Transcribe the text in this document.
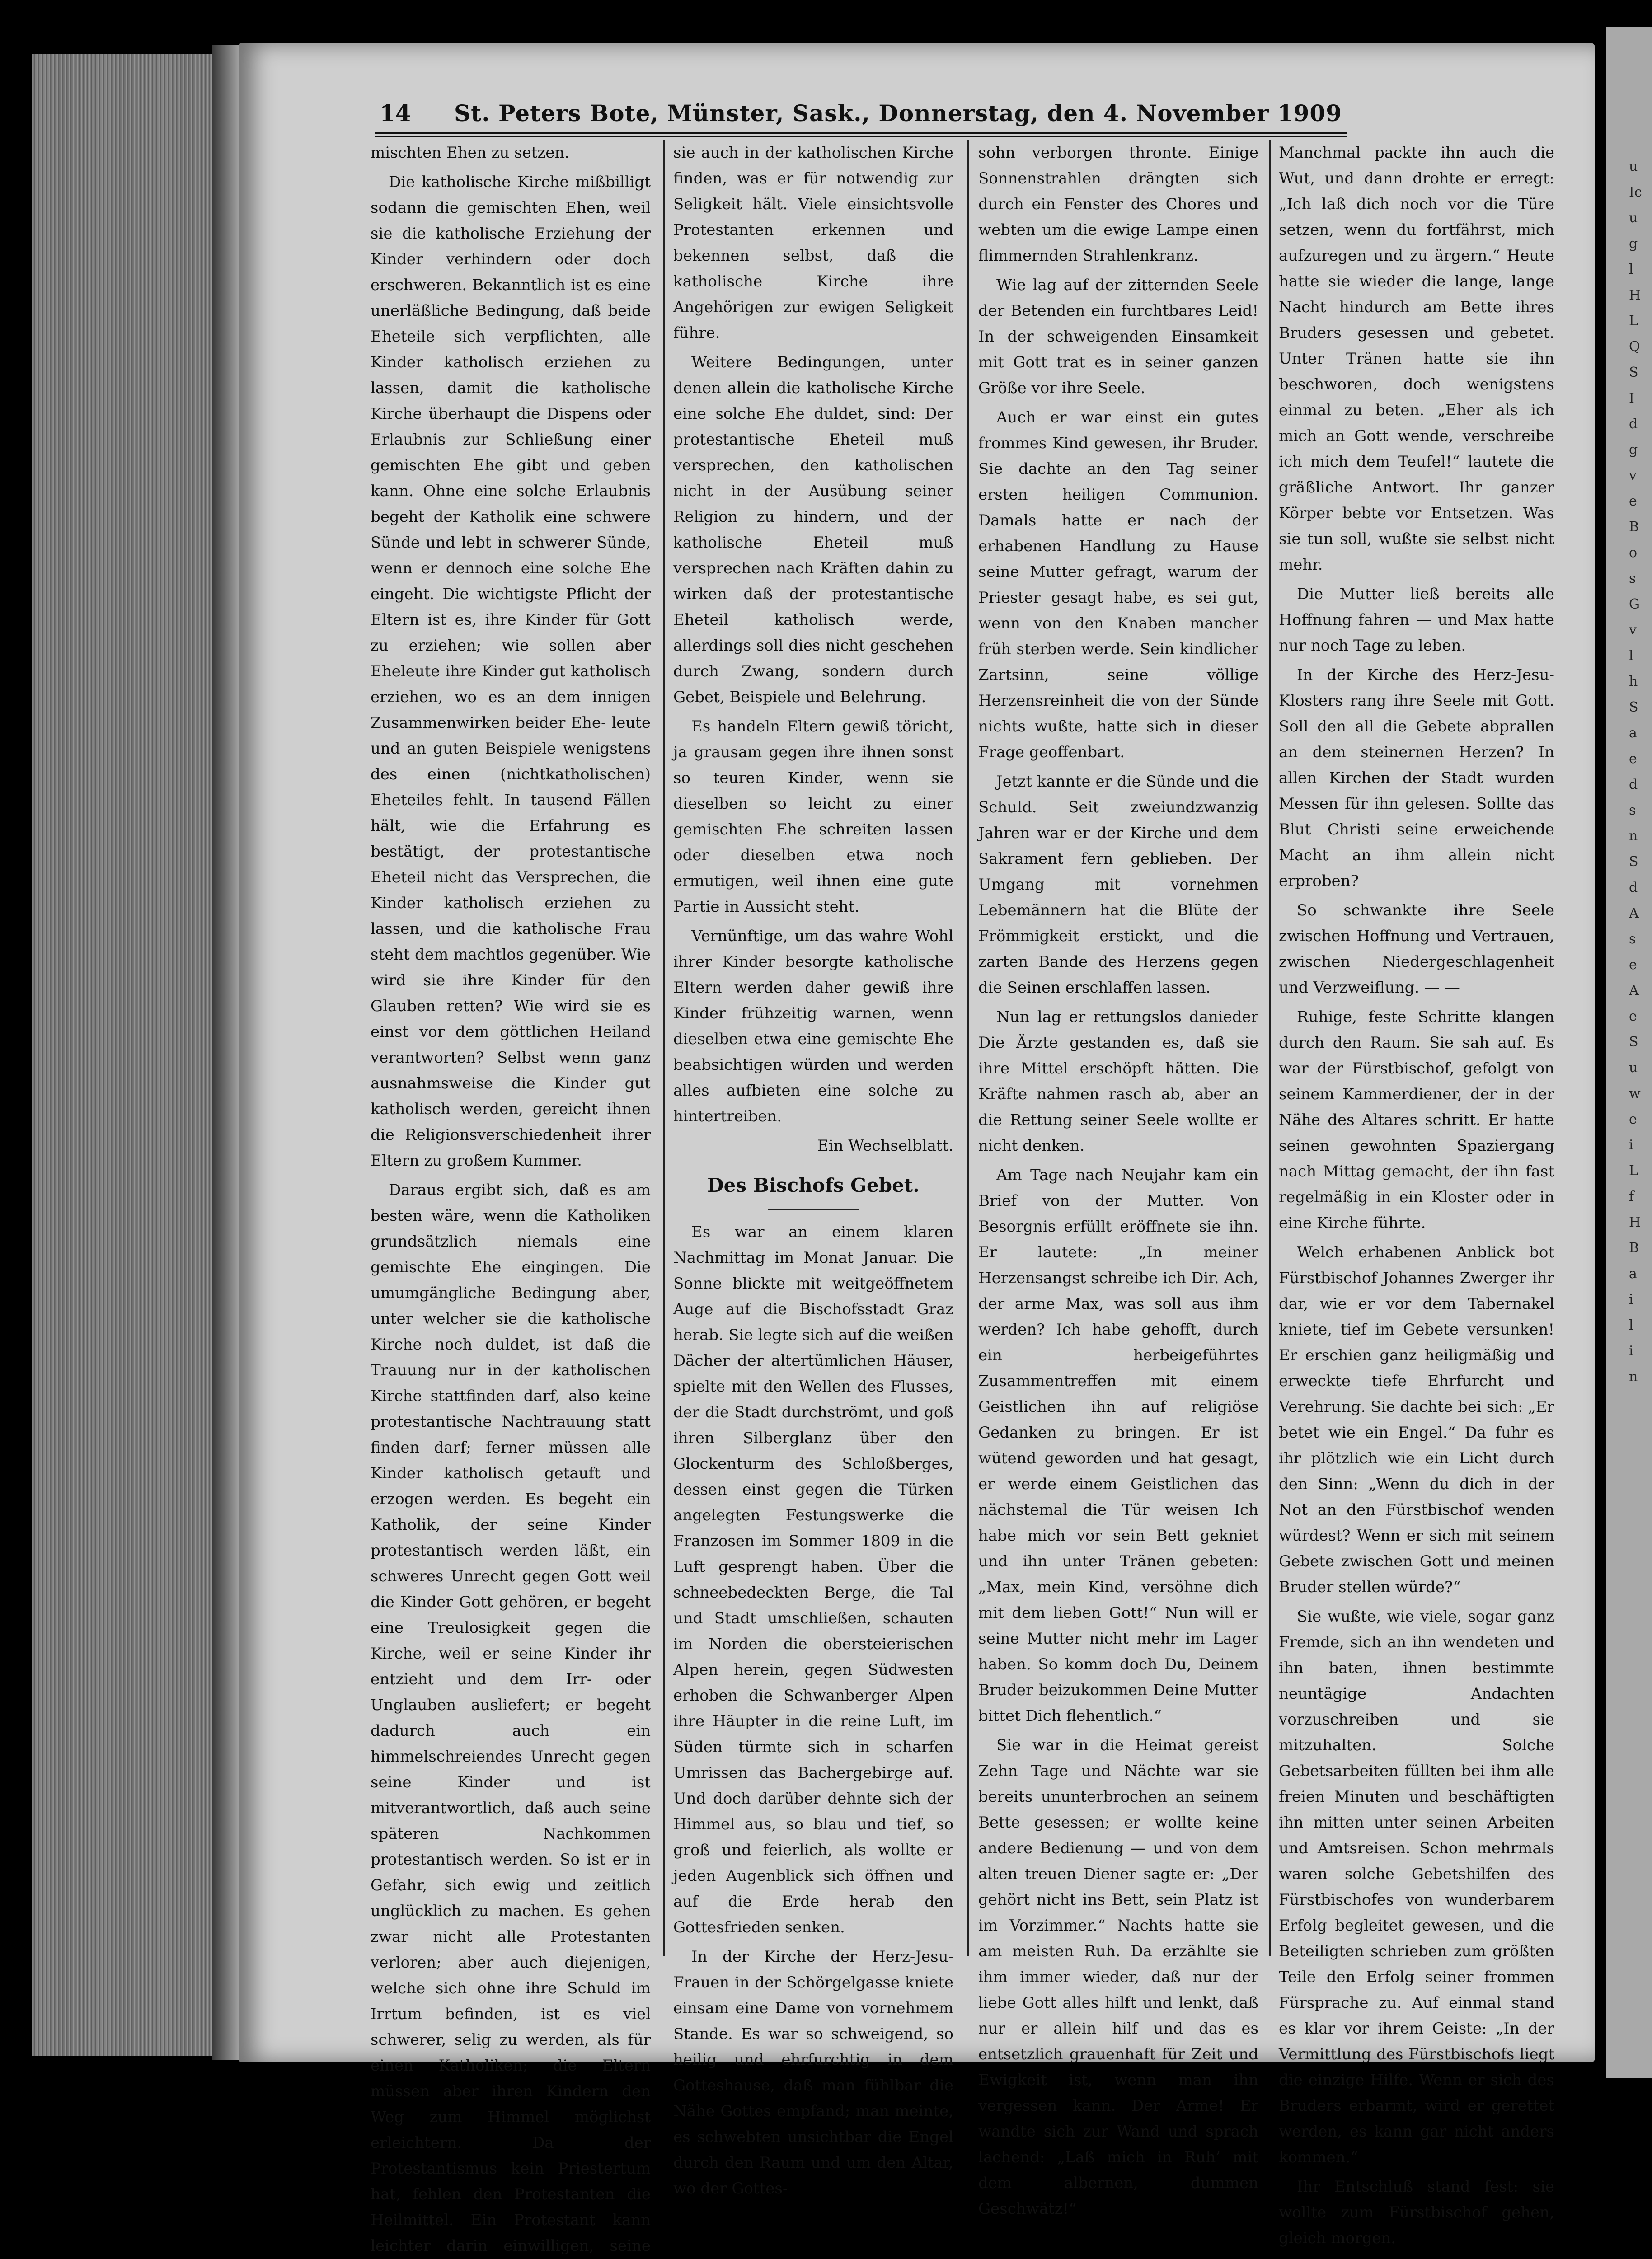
14	St. Peters Bote, Münster, Sask., Donnerstag, den 4. November 1909

mischten Ehen zu setzen.

Die katholische Kirche mißbilligt sodann die gemischten Ehen, weil sie die katholische Erziehung der Kinder verhindern oder doch erschweren. Bekanntlich ist es eine unerläßliche Bedingung, daß beide Eheteile sich verpflichten, alle Kinder katholisch erziehen zu lassen, damit die katholische Kirche überhaupt die Dispens oder Erlaubnis zur Schließung einer gemischten Ehe gibt und geben kann. Ohne eine solche Erlaubnis begeht der Katholik eine schwere Sünde und lebt in schwerer Sünde, wenn er dennoch eine solche Ehe eingeht. Die wichtigste Pflicht der Eltern ist es, ihre Kinder für Gott zu erziehen; wie sollen aber Eheleute ihre Kinder gut katholisch erziehen, wo es an dem innigen Zusammenwirken beider Ehe- leute und an guten Beispiele wenigstens des einen (nichtkatholischen) Eheteiles fehlt. In tausend Fällen hält, wie die Erfahrung es bestätigt, der protestantische Eheteil nicht das Versprechen, die Kinder katholisch erziehen zu lassen, und die katholische Frau steht dem machtlos gegenüber. Wie wird sie ihre Kinder für den Glauben retten? Wie wird sie es einst vor dem göttlichen Heiland verantworten? Selbst wenn ganz ausnahmsweise die Kinder gut katholisch werden, gereicht ihnen die Religionsverschiedenheit ihrer Eltern zu großem Kummer.

Daraus ergibt sich, daß es am besten wäre, wenn die Katholiken grundsätzlich niemals eine gemischte Ehe eingingen. Die umumgängliche Bedingung aber, unter welcher sie die katholische Kirche noch duldet, ist daß die Trauung nur in der katholischen Kirche stattfinden darf, also keine protestantische Nachtrauung statt finden darf; ferner müssen alle Kinder katholisch getauft und erzogen werden. Es begeht ein Katholik, der seine Kinder protestantisch werden läßt, ein schweres Unrecht gegen Gott weil die Kinder Gott gehören, er begeht eine Treulosigkeit gegen die Kirche, weil er seine Kinder ihr entzieht und dem Irr- oder Unglauben ausliefert; er begeht dadurch auch ein himmelschreiendes Unrecht gegen seine Kinder und ist mitverantwortlich, daß auch seine späteren Nachkommen protestantisch werden. So ist er in Gefahr, sich ewig und zeitlich unglücklich zu machen. Es gehen zwar nicht alle Protestanten verloren; aber auch diejenigen, welche sich ohne ihre Schuld im Irrtum befinden, ist es viel schwerer, selig zu werden, als für einen Katholiken; die Eltern müssen aber ihren Kindern den Weg zum Himmel möglichst erleichtern. Da der Protestantismus kein Priestertum hat, fehlen den Protestanten die Heilmittel. Ein Protestant kann leichter darin einwilligen, seine

sie auch in der katholischen Kirche finden, was er für notwendig zur Seligkeit hält. Viele einsichtsvolle Protestanten erkennen und bekennen selbst, daß die katholische Kirche ihre Angehörigen zur ewigen Seligkeit führe.

Weitere Bedingungen, unter denen allein die katholische Kirche eine solche Ehe duldet, sind: Der protestantische Eheteil muß versprechen, den katholischen nicht in der Ausübung seiner Religion zu hindern, und der katholische Eheteil muß versprechen nach Kräften dahin zu wirken daß der protestantische Eheteil katholisch werde, allerdings soll dies nicht geschehen durch Zwang, sondern durch Gebet, Beispiele und Belehrung.

Es handeln Eltern gewiß töricht, ja grausam gegen ihre ihnen sonst so teuren Kinder, wenn sie dieselben so leicht zu einer gemischten Ehe schreiten lassen oder dieselben etwa noch ermutigen, weil ihnen eine gute Partie in Aussicht steht.

Vernünftige, um das wahre Wohl ihrer Kinder besorgte katholische Eltern werden daher gewiß ihre Kinder frühzeitig warnen, wenn dieselben etwa eine gemischte Ehe beabsichtigen würden und werden alles aufbieten eine solche zu hintertreiben.

Ein Wechselblatt.

Des Bischofs Gebet.

Es war an einem klaren Nachmittag im Monat Januar. Die Sonne blickte mit weitgeöffnetem Auge auf die Bischofsstadt Graz herab. Sie legte sich auf die weißen Dächer der altertümlichen Häuser, spielte mit den Wellen des Flusses, der die Stadt durchströmt, und goß ihren Silberglanz über den Glockenturm des Schloßberges, dessen einst gegen die Türken angelegten Festungswerke die Franzosen im Sommer 1809 in die Luft gesprengt haben. Über die schneebedeckten Berge, die Tal und Stadt umschließen, schauten im Norden die obersteierischen Alpen herein, gegen Südwesten erhoben die Schwanberger Alpen ihre Häupter in die reine Luft, im Süden türmte sich in scharfen Umrissen das Bachergebirge auf. Und doch darüber dehnte sich der Himmel aus, so blau und tief, so groß und feierlich, als wollte er jeden Augenblick sich öffnen und auf die Erde herab den Gottesfrieden senken.

In der Kirche der Herz-Jesu-Frauen in der Schörgelgasse kniete einsam eine Dame von vornehmem Stande. Es war so schweigend, so heilig und ehrfurchtig in dem Gotteshause, daß man fühlbar die Nähe Gottes empfand; man meinte, es schwebten unsichtbar die Engel durch den Raum und um den Altar, wo der Gottes-

sohn verborgen thronte. Einige Sonnenstrahlen drängten sich durch ein Fenster des Chores und webten um die ewige Lampe einen flimmernden Strahlenkranz.

Wie lag auf der zitternden Seele der Betenden ein furchtbares Leid! In der schweigenden Einsamkeit mit Gott trat es in seiner ganzen Größe vor ihre Seele.

Auch er war einst ein gutes frommes Kind gewesen, ihr Bruder. Sie dachte an den Tag seiner ersten heiligen Communion. Damals hatte er nach der erhabenen Handlung zu Hause seine Mutter gefragt, warum der Priester gesagt habe, es sei gut, wenn von den Knaben mancher früh sterben werde. Sein kindlicher Zartsinn, seine völlige Herzensreinheit die von der Sünde nichts wußte, hatte sich in dieser Frage geoffenbart.

Jetzt kannte er die Sünde und die Schuld. Seit zweiundzwanzig Jahren war er der Kirche und dem Sakrament fern geblieben. Der Umgang mit vornehmen Lebemännern hat die Blüte der Frömmigkeit erstickt, und die zarten Bande des Herzens gegen die Seinen erschlaffen lassen.

Nun lag er rettungslos danieder Die Ärzte gestanden es, daß sie ihre Mittel erschöpft hätten. Die Kräfte nahmen rasch ab, aber an die Rettung seiner Seele wollte er nicht denken.

Am Tage nach Neujahr kam ein Brief von der Mutter. Von Besorgnis erfüllt eröffnete sie ihn. Er lautete: „In meiner Herzensangst schreibe ich Dir. Ach, der arme Max, was soll aus ihm werden? Ich habe gehofft, durch ein herbeigeführtes Zusammentreffen mit einem Geistlichen ihn auf religiöse Gedanken zu bringen. Er ist wütend geworden und hat gesagt, er werde einem Geistlichen das nächstemal die Tür weisen Ich habe mich vor sein Bett gekniet und ihn unter Tränen gebeten: „Max, mein Kind, versöhne dich mit dem lieben Gott!“ Nun will er seine Mutter nicht mehr im Lager haben. So komm doch Du, Deinem Bruder beizukommen Deine Mutter bittet Dich flehentlich.“

Sie war in die Heimat gereist Zehn Tage und Nächte war sie bereits ununterbrochen an seinem Bette gesessen; er wollte keine andere Bedienung — und von dem alten treuen Diener sagte er: „Der gehört nicht ins Bett, sein Platz ist im Vorzimmer.“ Nachts hatte sie am meisten Ruh. Da erzählte sie ihm immer wieder, daß nur der liebe Gott alles hilft und lenkt, daß nur er allein hilf und das es entsetzlich grauenhaft für Zeit und Ewigkeit ist, wenn man ihn vergessen kann. Der Arme! Er wandte sich zur Wand und sprach lachend: „Laß mich in Ruh’ mit dem albernen, dummen Geschwätz!“

Manchmal packte ihn auch die Wut, und dann drohte er erregt: „Ich laß dich noch vor die Türe setzen, wenn du fortfährst, mich aufzuregen und zu ärgern.“ Heute hatte sie wieder die lange, lange Nacht hindurch am Bette ihres Bruders gesessen und gebetet. Unter Tränen hatte sie ihn beschworen, doch wenigstens einmal zu beten. „Eher als ich mich an Gott wende, verschreibe ich mich dem Teufel!“ lautete die gräßliche Antwort. Ihr ganzer Körper bebte vor Entsetzen. Was sie tun soll, wußte sie selbst nicht mehr.

Die Mutter ließ bereits alle Hoffnung fahren — und Max hatte nur noch Tage zu leben.

In der Kirche des Herz-Jesu-Klosters rang ihre Seele mit Gott. Soll den all die Gebete abprallen an dem steinernen Herzen? In allen Kirchen der Stadt wurden Messen für ihn gelesen. Sollte das Blut Christi seine erweichende Macht an ihm allein nicht erproben?

So schwankte ihre Seele zwischen Hoffnung und Vertrauen, zwischen Niedergeschlagenheit und Verzweiflung. — —

Ruhige, feste Schritte klangen durch den Raum. Sie sah auf. Es war der Fürstbischof, gefolgt von seinem Kammerdiener, der in der Nähe des Altares schritt. Er hatte seinen gewohnten Spaziergang nach Mittag gemacht, der ihn fast regelmäßig in ein Kloster oder in eine Kirche führte.

Welch erhabenen Anblick bot Fürstbischof Johannes Zwerger ihr dar, wie er vor dem Tabernakel kniete, tief im Gebete versunken! Er erschien ganz heiligmäßig und erweckte tiefe Ehrfurcht und Verehrung. Sie dachte bei sich: „Er betet wie ein Engel.“ Da fuhr es ihr plötzlich wie ein Licht durch den Sinn: „Wenn du dich in der Not an den Fürstbischof wenden würdest? Wenn er sich mit seinem Gebete zwischen Gott und meinen Bruder stellen würde?“

Sie wußte, wie viele, sogar ganz Fremde, sich an ihn wendeten und ihn baten, ihnen bestimmte neuntägige Andachten vorzuschreiben und sie mitzuhalten. Solche Gebetsarbeiten füllten bei ihm alle freien Minuten und beschäftigten ihn mitten unter seinen Arbeiten und Amtsreisen. Schon mehrmals waren solche Gebetshilfen des Fürstbischofes von wunderbarem Erfolg begleitet gewesen, und die Beteiligten schrieben zum größten Teile den Erfolg seiner frommen Fürsprache zu. Auf einmal stand es klar vor ihrem Geiste: „In der Vermittlung des Fürstbischofs liegt die einzige Hilfe. Wenn er sich des Bruders erbarmt, wird er gerettet werden, es kann gar nicht anders kommen.“

Ihr Entschluß stand fest: sie wollte zum Fürstbischof gehen, gleich morgen.

u
Ic
u
g
l
H
L
Q
S
I
d
g
v
e
B
o
s
G
v
l
h
S
a
e
d
s
n
S
d
A
s
e
A
e
S
u
w
e
i
L
f
H
B
a
i
l
i
n
